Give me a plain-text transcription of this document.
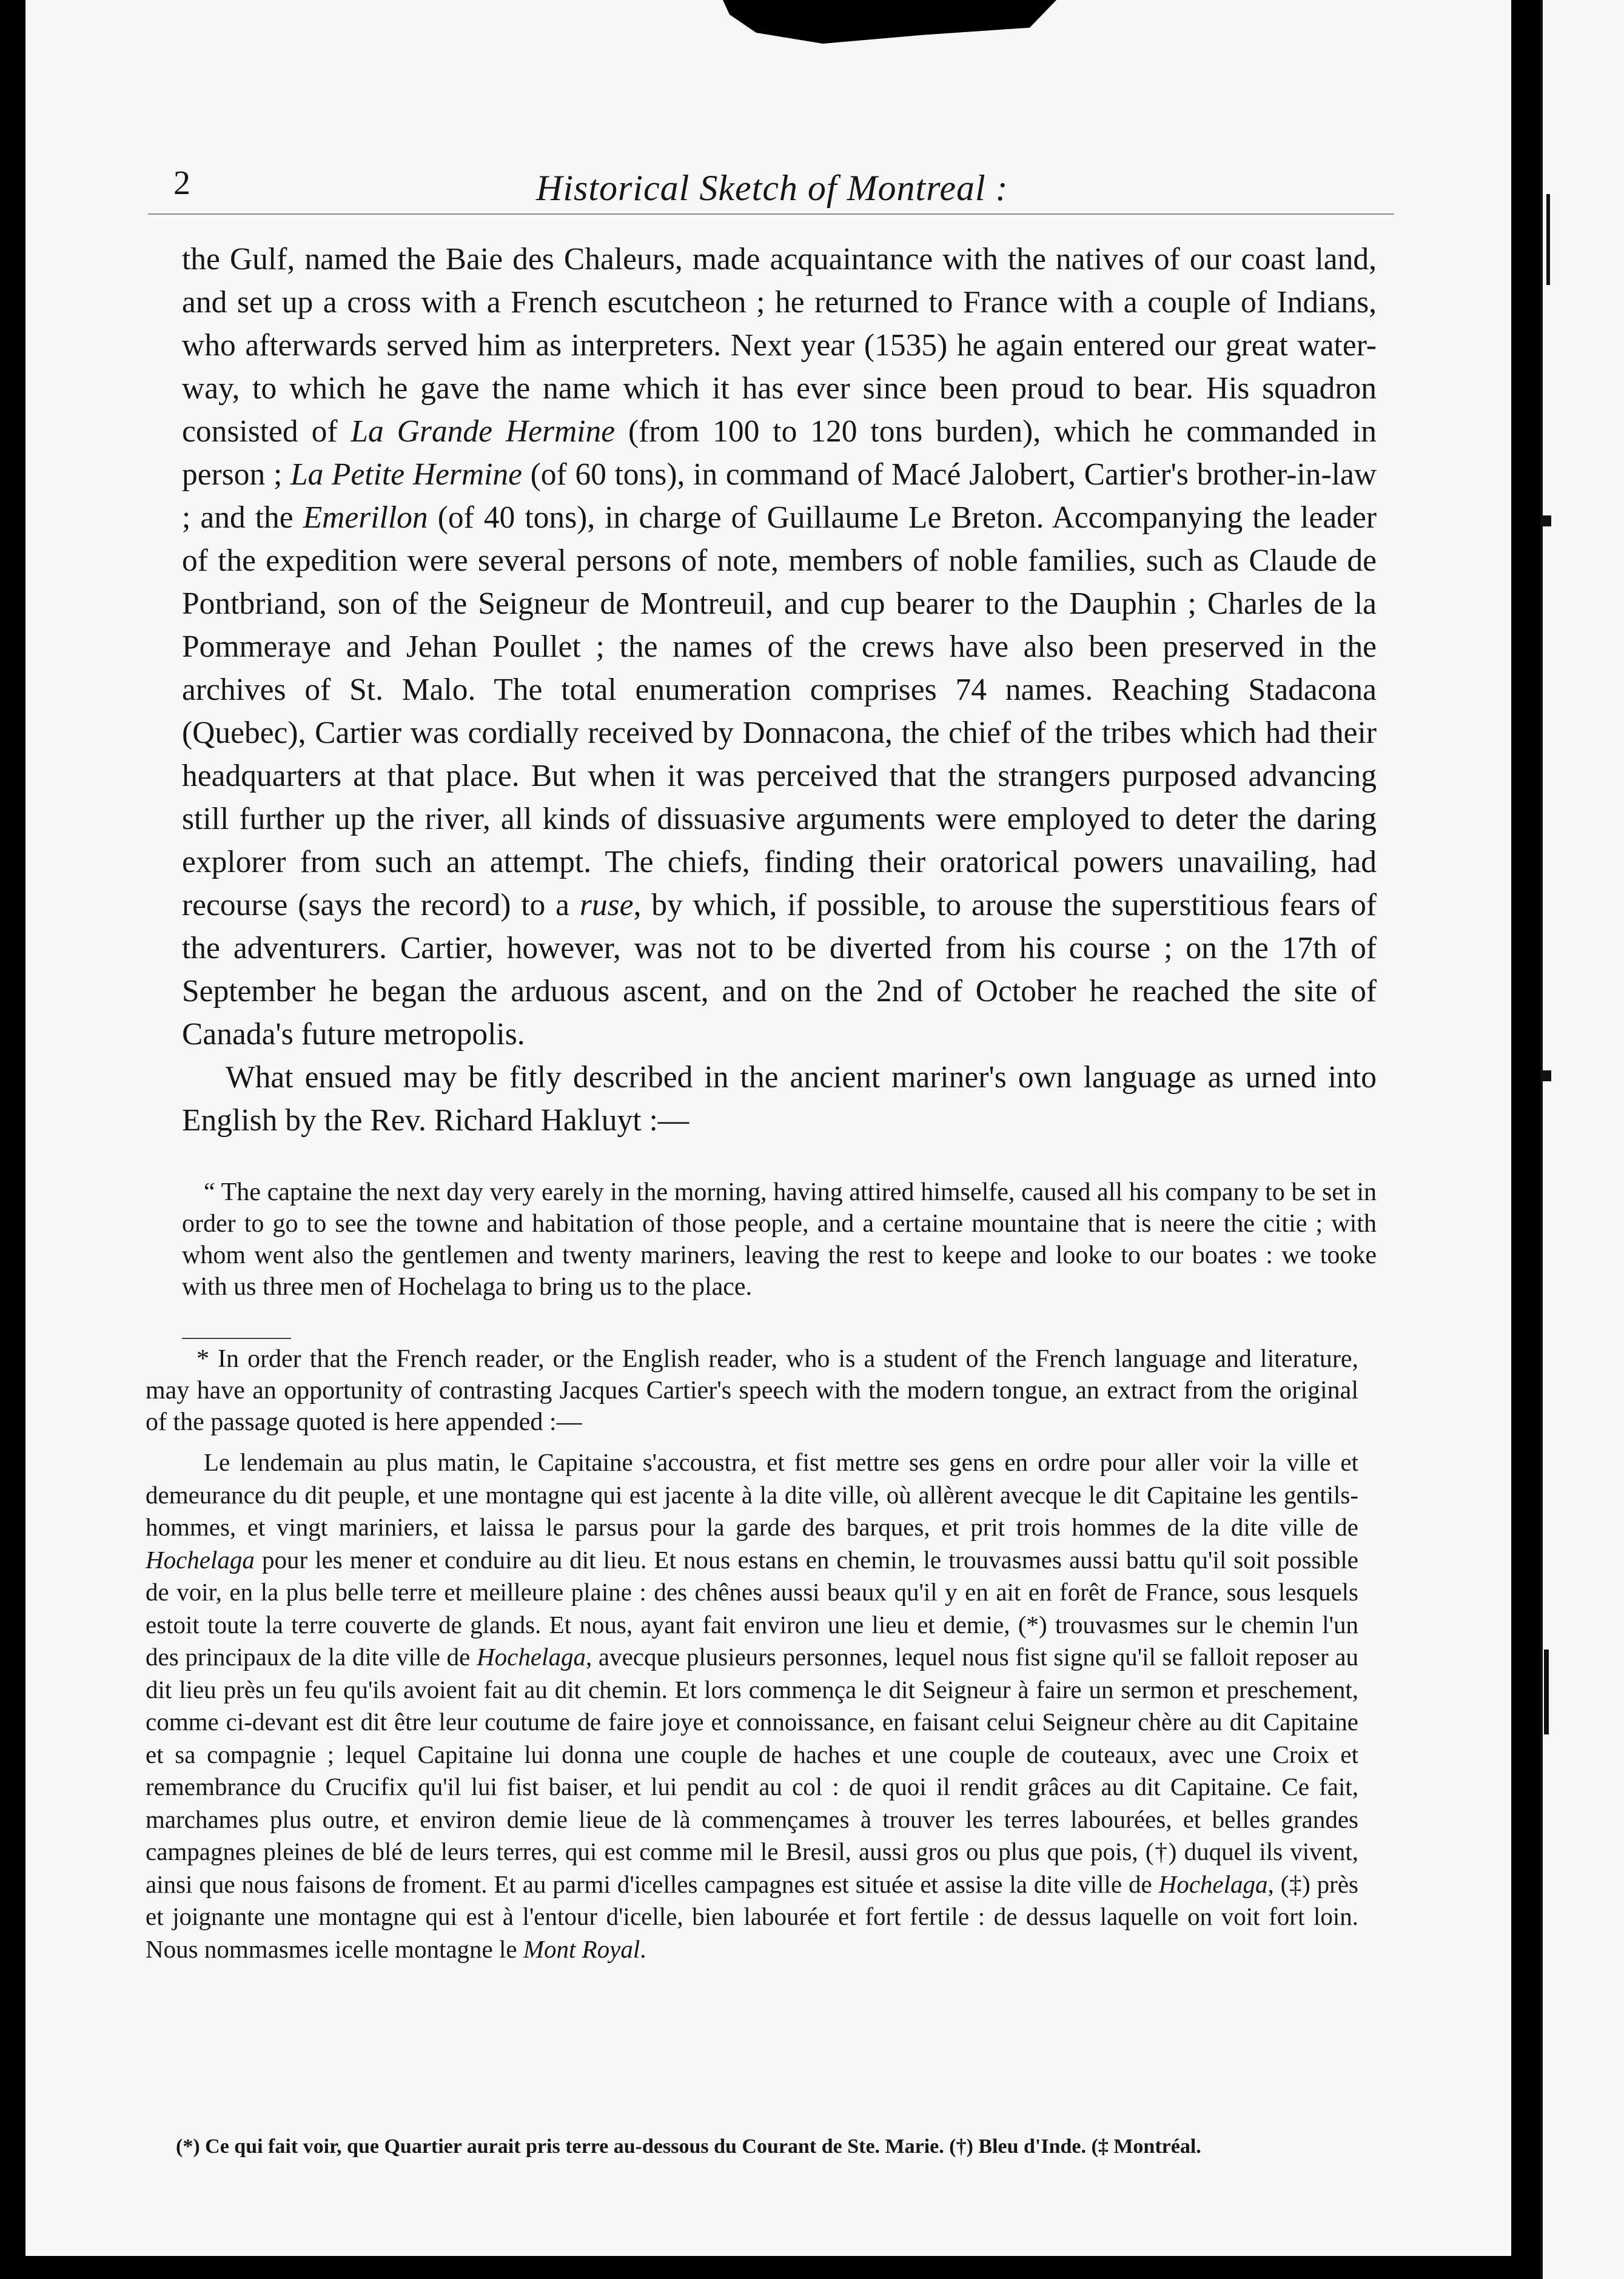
2	Historical Sketch of Montreal :

the Gulf, named the Baie des Chaleurs, made acquaintance with the natives of our coast land, and set up a cross with a French escutcheon ; he returned to France with a couple of Indians, who afterwards served him as interpreters. Next year (1535) he again entered our great water-way, to which he gave the name which it has ever since been proud to bear. His squadron consisted of La Grande Hermine (from 100 to 120 tons burden), which he commanded in person ; La Petite Hermine (of 60 tons), in command of Macé Jalobert, Cartier's brother-in-law ; and the Emerillon (of 40 tons), in charge of Guillaume Le Breton. Accompanying the leader of the expedition were several persons of note, members of noble families, such as Claude de Pontbriand, son of the Seigneur de Montreuil, and cup bearer to the Dauphin ; Charles de la Pommeraye and Jehan Poullet ; the names of the crews have also been preserved in the archives of St. Malo. The total enumeration comprises 74 names. Reaching Stadacona (Quebec), Cartier was cordially received by Donnacona, the chief of the tribes which had their headquarters at that place. But when it was perceived that the strangers purposed advancing still further up the river, all kinds of dissuasive arguments were employed to deter the daring explorer from such an attempt. The chiefs, finding their oratorical powers unavailing, had recourse (says the record) to a ruse, by which, if possible, to arouse the superstitious fears of the adventurers. Cartier, however, was not to be diverted from his course ; on the 17th of September he began the arduous ascent, and on the 2nd of October he reached the site of Canada's future metropolis.

What ensued may be fitly described in the ancient mariner's own language as urned into English by the Rev. Richard Hakluyt :—

“ The captaine the next day very earely in the morning, having attired himselfe, caused all his company to be set in order to go to see the towne and habitation of those people, and a certaine mountaine that is neere the citie ; with whom went also the gentlemen and twenty mariners, leaving the rest to keepe and looke to our boates : we tooke with us three men of Hochelaga to bring us to the place.

* In order that the French reader, or the English reader, who is a student of the French language and literature, may have an opportunity of contrasting Jacques Cartier's speech with the modern tongue, an extract from the original of the passage quoted is here appended :—

Le lendemain au plus matin, le Capitaine s'accoustra, et fist mettre ses gens en ordre pour aller voir la ville et demeurance du dit peuple, et une montagne qui est jacente à la dite ville, où allèrent avecque le dit Capitaine les gentils-hommes, et vingt mariniers, et laissa le parsus pour la garde des barques, et prit trois hommes de la dite ville de Hochelaga pour les mener et conduire au dit lieu. Et nous estans en chemin, le trouvasmes aussi battu qu'il soit possible de voir, en la plus belle terre et meilleure plaine : des chênes aussi beaux qu'il y en ait en forêt de France, sous lesquels estoit toute la terre couverte de glands. Et nous, ayant fait environ une lieu et demie, (*) trouvasmes sur le chemin l'un des principaux de la dite ville de Hochelaga, avecque plusieurs personnes, lequel nous fist signe qu'il se falloit reposer au dit lieu près un feu qu'ils avoient fait au dit chemin. Et lors commença le dit Seigneur à faire un sermon et preschement, comme ci-devant est dit être leur coutume de faire joye et connoissance, en faisant celui Seigneur chère au dit Capitaine et sa compagnie ; lequel Capitaine lui donna une couple de haches et une couple de couteaux, avec une Croix et remembrance du Crucifix qu'il lui fist baiser, et lui pendit au col : de quoi il rendit grâces au dit Capitaine. Ce fait, marchames plus outre, et environ demie lieue de là commençames à trouver les terres labourées, et belles grandes campagnes pleines de blé de leurs terres, qui est comme mil le Bresil, aussi gros ou plus que pois, (†) duquel ils vivent, ainsi que nous faisons de froment. Et au parmi d'icelles campagnes est située et assise la dite ville de Hochelaga, (‡) près et joignante une montagne qui est à l'entour d'icelle, bien labourée et fort fertile : de dessus laquelle on voit fort loin. Nous nommasmes icelle montagne le Mont Royal.

(*) Ce qui fait voir, que Quartier aurait pris terre au-dessous du Courant de Ste. Marie. (†) Bleu d'Inde. (‡ Montréal.
